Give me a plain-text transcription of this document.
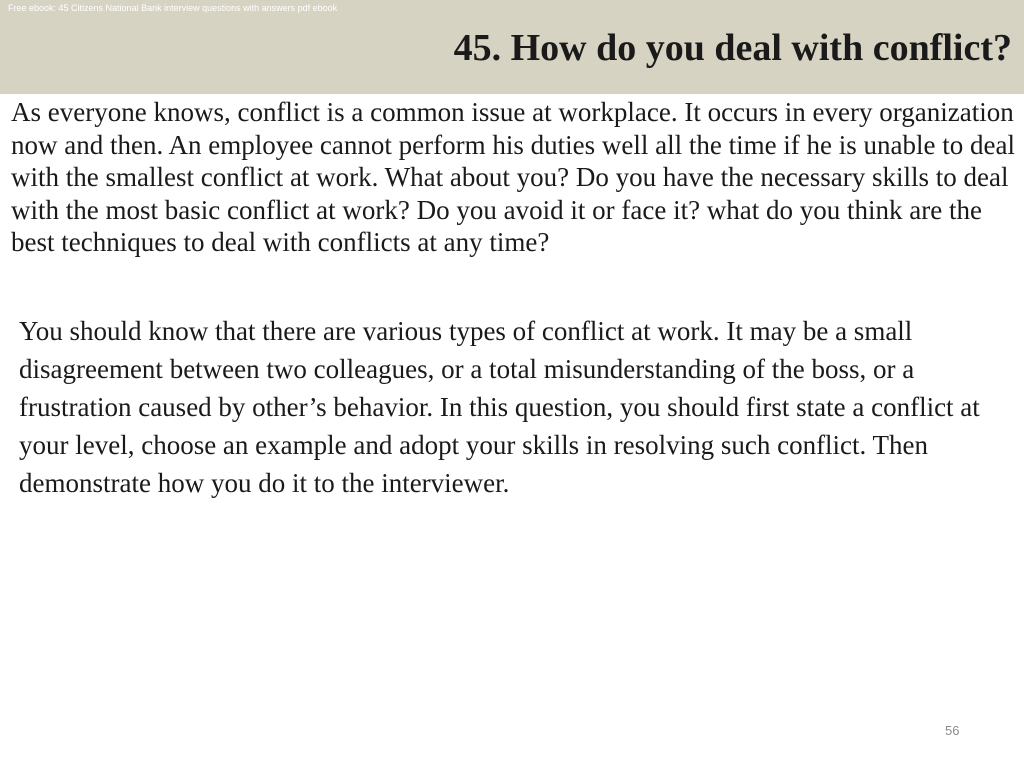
Free ebook: 45 Citizens National Bank interview questions with answers pdf ebook
45. How do you deal with conflict?

As everyone knows, conflict is a common issue at workplace. It occurs in every organization now and then. An employee cannot perform his duties well all the time if he is unable to deal with the smallest conflict at work. What about you? Do you have the necessary skills to deal with the most basic conflict at work? Do you avoid it or face it? what do you think are the best techniques to deal with conflicts at any time?

You should know that there are various types of conflict at work. It may be a small disagreement between two colleagues, or a total misunderstanding of the boss, or a frustration caused by other’s behavior. In this question, you should first state a conflict at your level, choose an example and adopt your skills in resolving such conflict. Then demonstrate how you do it to the interviewer.

56
